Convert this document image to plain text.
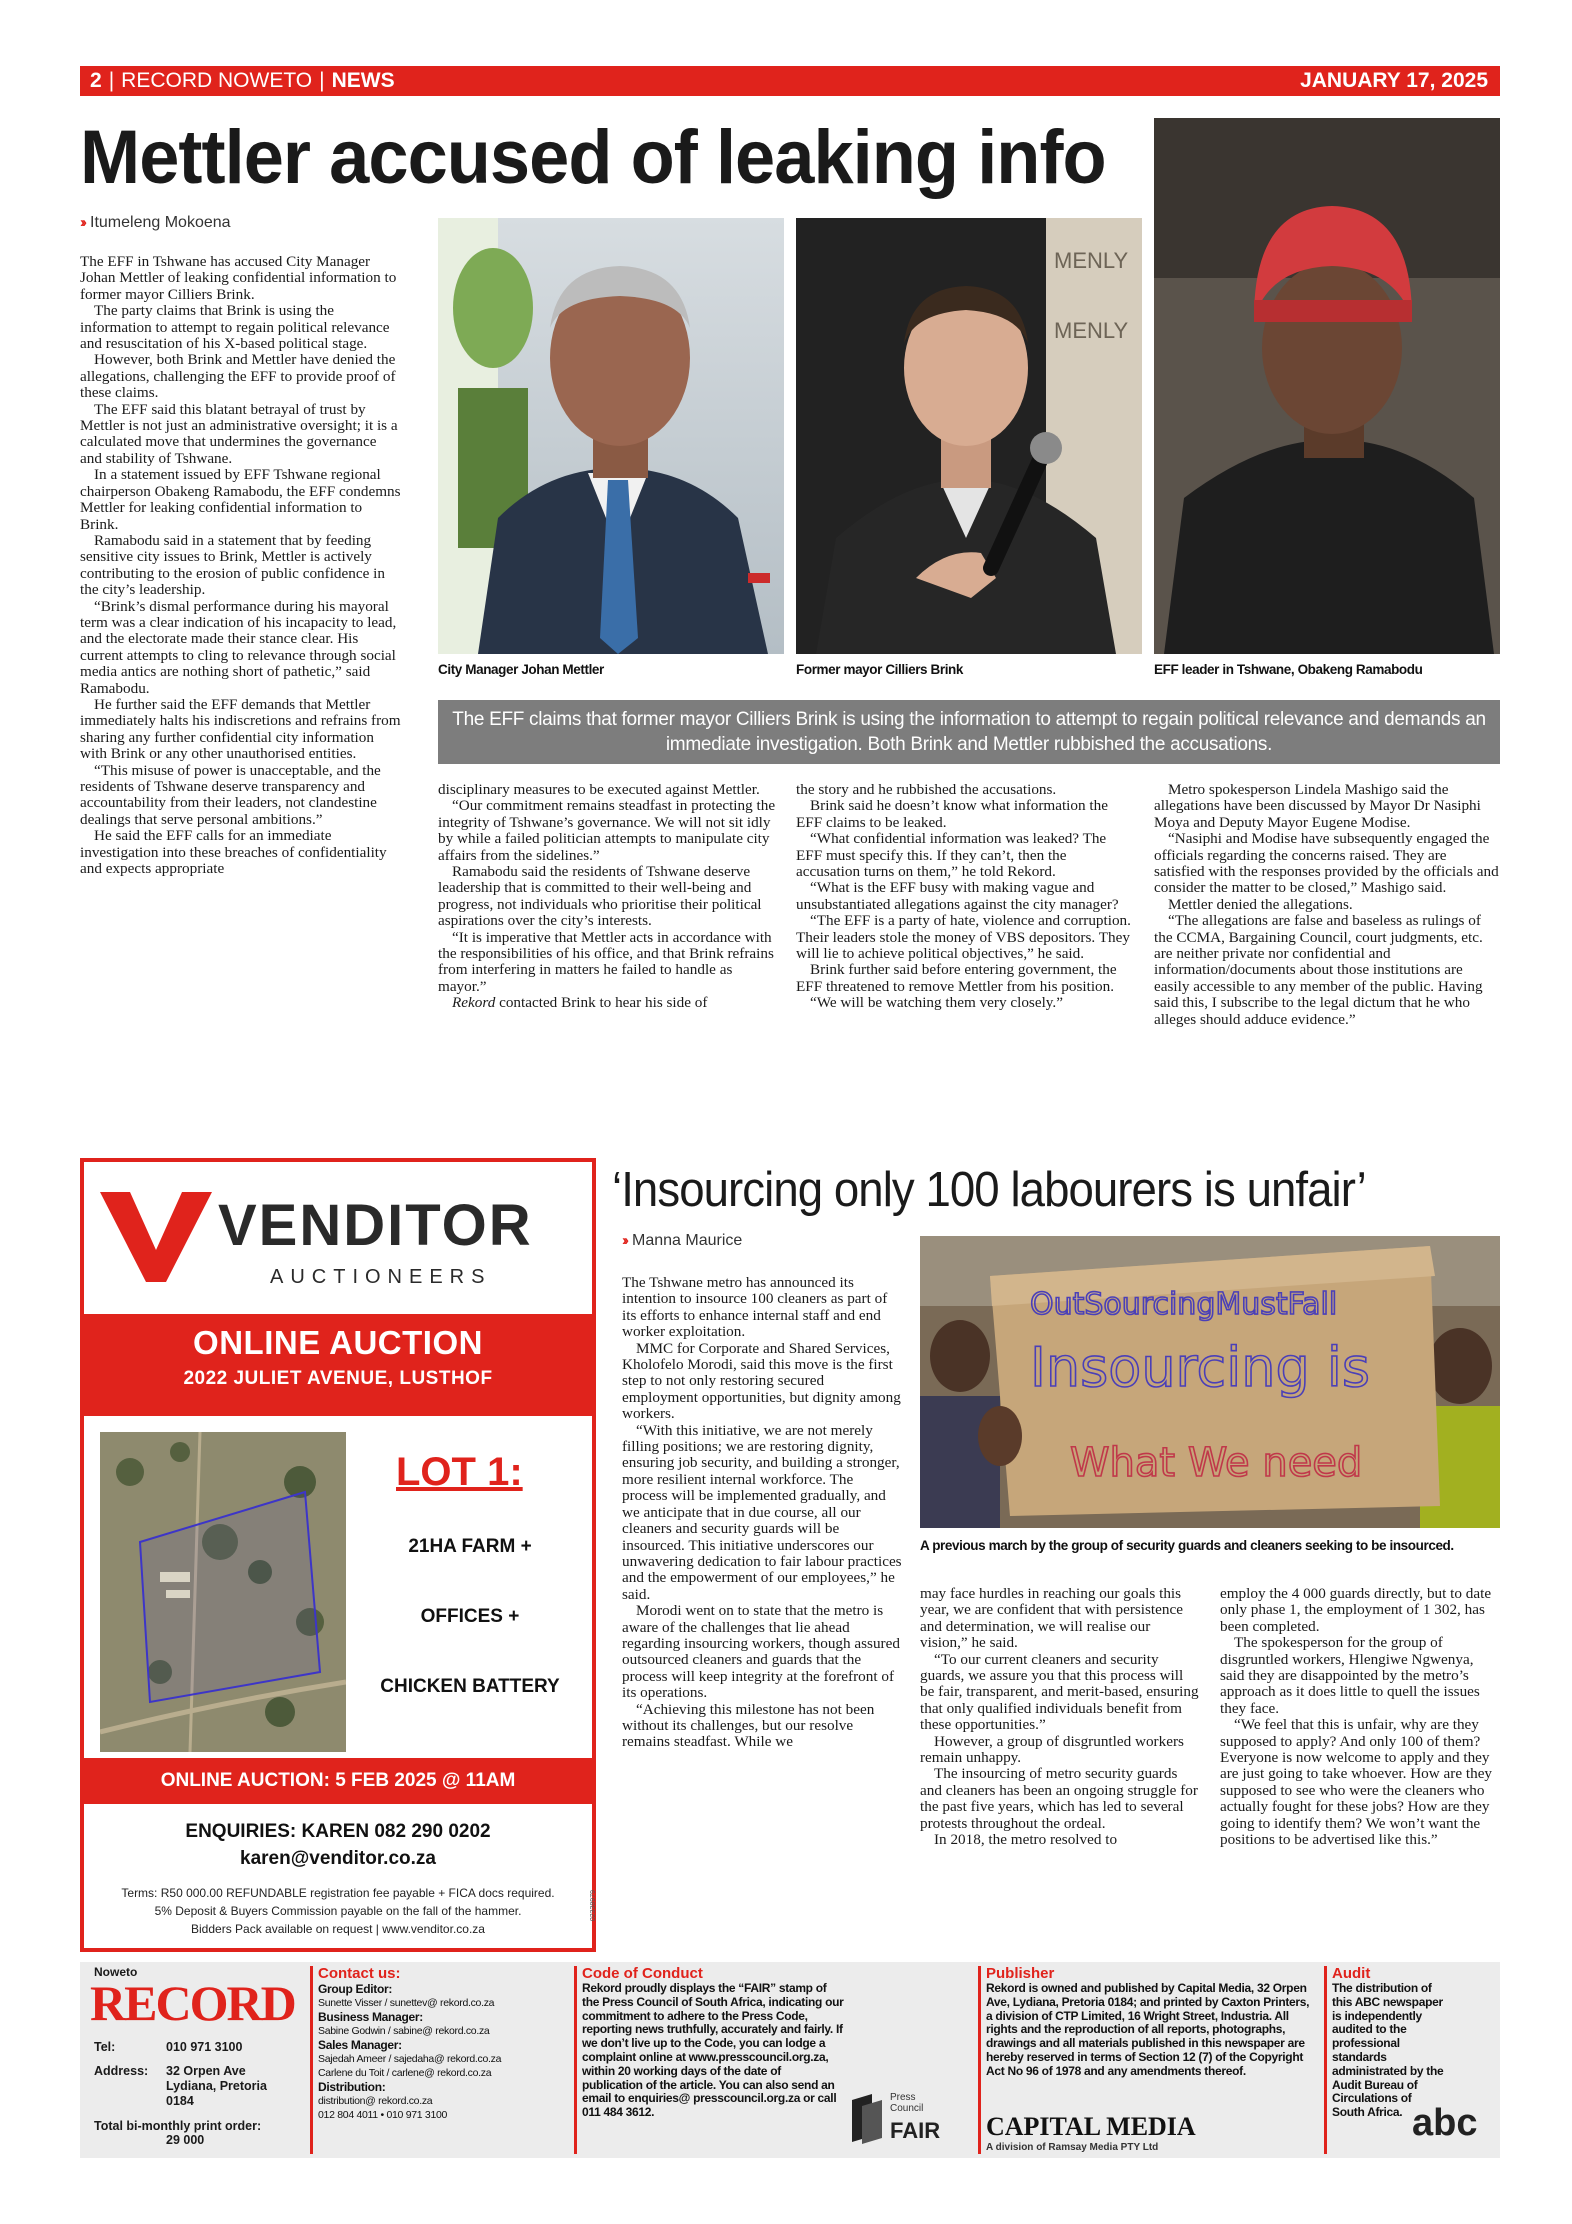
2 | RECORD NOWETO | NEWS	JANUARY 17, 2025
Mettler accused of leaking info
›› Itumeleng Mokoena
City Manager Johan Mettler
MENLY
MENLY
Former mayor Cilliers Brink	EFF leader in Tshwane, Obakeng Ramabodu
The EFF claims that former mayor Cilliers Brink is using the information to attempt to regain political relevance and demands an immediate investigation. Both Brink and Mettler rubbished the accusations.

The EFF in Tshwane has accused City Manager Johan Mettler of leaking confidential information to former mayor Cilliers Brink.

The party claims that Brink is using the information to attempt to regain political relevance and resuscitation of his X-based political stage.

However, both Brink and Mettler have denied the allegations, challenging the EFF to provide proof of these claims.

The EFF said this blatant betrayal of trust by Mettler is not just an administrative oversight; it is a calculated move that undermines the governance and stability of Tshwane.

In a statement issued by EFF Tshwane regional chairperson Obakeng Ramabodu, the EFF condemns Mettler for leaking confidential information to Brink.

Ramabodu said in a statement that by feeding sensitive city issues to Brink, Mettler is actively contributing to the erosion of public confidence in the city’s leadership.

“Brink’s dismal performance during his mayoral term was a clear indication of his incapacity to lead, and the electorate made their stance clear. His current attempts to cling to relevance through social media antics are nothing short of pathetic,” said Ramabodu.

He further said the EFF demands that Mettler immediately halts his indiscretions and refrains from sharing any further confidential city information with Brink or any other unauthorised entities.

“This misuse of power is unacceptable, and the residents of Tshwane deserve transparency and accountability from their leaders, not clandestine dealings that serve personal ambitions.”

He said the EFF calls for an immediate investigation into these breaches of confidentiality and expects appropriate

disciplinary measures to be executed against Mettler.

“Our commitment remains steadfast in protecting the integrity of Tshwane’s governance. We will not sit idly by while a failed politician attempts to manipulate city affairs from the sidelines.”

Ramabodu said the residents of Tshwane deserve leadership that is committed to their well-being and progress, not individuals who prioritise their political aspirations over the city’s interests.

“It is imperative that Mettler acts in accordance with the responsibilities of his office, and that Brink refrains from interfering in matters he failed to handle as mayor.”

Rekord contacted Brink to hear his side of

the story and he rubbished the accusations.

Brink said he doesn’t know what information the EFF claims to be leaked.

“What confidential information was leaked? The EFF must specify this. If they can’t, then the accusation turns on them,” he told Rekord.

“What is the EFF busy with making vague and unsubstantiated allegations against the city manager?

“The EFF is a party of hate, violence and corruption. Their leaders stole the money of VBS depositors. They will lie to achieve political objectives,” he said.

Brink further said before entering government, the EFF threatened to remove Mettler from his position.

“We will be watching them very closely.”

Metro spokesperson Lindela Mashigo said the allegations have been discussed by Mayor Dr Nasiphi Moya and Deputy Mayor Eugene Modise.

“Nasiphi and Modise have subsequently engaged the officials regarding the concerns raised. They are satisfied with the responses provided by the officials and consider the matter to be closed,” Mashigo said.

Mettler denied the allegations.

“The allegations are false and baseless as rulings of the CCMA, Bargaining Council, court judgments, etc. are neither private nor confidential and information/documents about those institutions are easily accessible to any member of the public. Having said this, I subscribe to the legal dictum that he who alleges should adduce evidence.”

VENDITOR
AUCTIONEERS
ONLINE AUCTION
2022 JULIET AVENUE, LUSTHOF
LOT 1:
21HA FARM +
OFFICES +
CHICKEN BATTERY
ONLINE AUCTION: 5 FEB 2025 @ 11AM
ENQUIRIES: KAREN 082 290 0202
karen@venditor.co.za
Terms: R50 000.00 REFUNDABLE registration fee payable + FICA docs required.
5% Deposit & Buyers Commission payable on the fall of the hammer.
Bidders Pack available on request | www.venditor.co.za
02338979
‘Insourcing only 100 labourers is unfair’
›› Manna Maurice
OutSourcingMustFall
Insourcing is
What We need
A previous march by the group of security guards and cleaners seeking to be insourced.

The Tshwane metro has announced its intention to insource 100 cleaners as part of its efforts to enhance internal staff and end worker exploitation.

MMC for Corporate and Shared Services, Kholofelo Morodi, said this move is the first step to not only restoring secured employment opportunities, but dignity among workers.

“With this initiative, we are not merely filling positions; we are restoring dignity, ensuring job security, and building a stronger, more resilient internal workforce. The process will be implemented gradually, and we anticipate that in due course, all our cleaners and security guards will be insourced. This initiative underscores our unwavering dedication to fair labour practices and the empowerment of our employees,” he said.

Morodi went on to state that the metro is aware of the challenges that lie ahead regarding insourcing workers, though assured outsourced cleaners and guards that the process will keep integrity at the forefront of its operations.

“Achieving this milestone has not been without its challenges, but our resolve remains steadfast. While we

may face hurdles in reaching our goals this year, we are confident that with persistence and determination, we will realise our vision,” he said.

“To our current cleaners and security guards, we assure you that this process will be fair, transparent, and merit-based, ensuring that only qualified individuals benefit from these opportunities.”

However, a group of disgruntled workers remain unhappy.

The insourcing of metro security guards and cleaners has been an ongoing struggle for the past five years, which has led to several protests throughout the ordeal.

In 2018, the metro resolved to

employ the 4 000 guards directly, but to date only phase 1, the employment of 1 302, has been completed.

The spokesperson for the group of disgruntled workers, Hlengiwe Ngwenya, said they are disappointed by the metro’s approach as it does little to quell the issues they face.

“We feel that this is unfair, why are they supposed to apply? And only 100 of them? Everyone is now welcome to apply and they are just going to take whoever. How are they supposed to see who were the cleaners who actually fought for these jobs? How are they going to identify them? We won’t want the positions to be advertised like this.”

Noweto
RECORD
Tel:	010 971 3100
Address:	32 Orpen Ave
Lydiana, Pretoria
0184
Total bi-monthly print order:
29 000
Contact us:
Group Editor:
Sunette Visser / sunettev@ rekord.co.za
Business Manager:
Sabine Godwin / sabine@ rekord.co.za
Sales Manager:
Sajedah Ameer / sajedaha@ rekord.co.za
Carlene du Toit / carlene@ rekord.co.za
Distribution:
distribution@ rekord.co.za
012 804 4011 • 010 971 3100
Code of Conduct
Rekord proudly displays the “FAIR” stamp of the Press Council of South Africa, indicating our commitment to adhere to the Press Code, reporting news truthfully, accurately and fairly. If we don’t live up to the Code, you can lodge a complaint online at www.presscouncil.org.za, within 20 working days of the date of publication of the article. You can also send an email to enquiries@ presscouncil.org.za or call 011 484 3612.
Press
Council
FAIR
Publisher
Rekord is owned and published by Capital Media, 32 Orpen Ave, Lydiana, Pretoria 0184; and printed by Caxton Printers, a division of CTP Limited, 16 Wright Street, Industria. All rights and the reproduction of all reports, photographs, drawings and all materials published in this newspaper are hereby reserved in terms of Section 12 (7) of the Copyright Act No 96 of 1978 and any amendments thereof.
CAPITAL MEDIA
A division of Ramsay Media PTY Ltd
Audit
The distribution of this ABC newspaper is independently audited to the professional standards administrated by the Audit Bureau of Circulations of South Africa. abc
